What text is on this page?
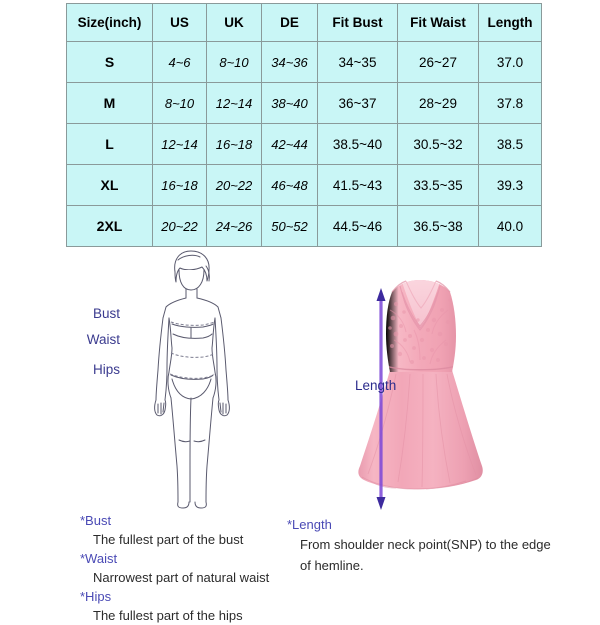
Size(inch)	US	UK	DE	Fit Bust	Fit Waist	Length
S	4~6	8~10	34~36	34~35	26~27	37.0
M	8~10	12~14	38~40	36~37	28~29	37.8
L	12~14	16~18	42~44	38.5~40	30.5~32	38.5
XL	16~18	20~22	46~48	41.5~43	33.5~35	39.3
2XL	20~22	24~26	50~52	44.5~46	36.5~38	40.0
Bust
Waist
Hips
Length
*Bust
The fullest part of the bust
*Waist
Narrowest part of natural waist
*Hips
The fullest part of the hips
*Length
From shoulder neck point(SNP) to the edge
of hemline.
